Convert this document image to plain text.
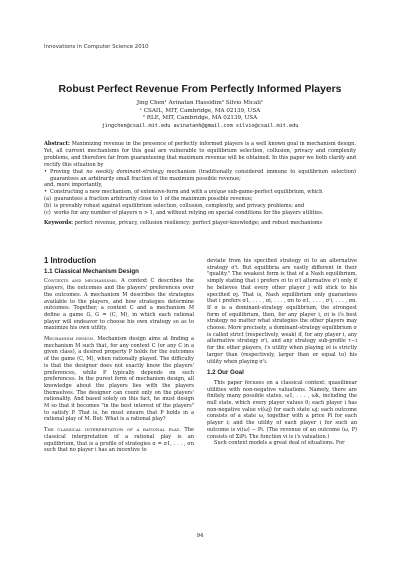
Innovations in Computer Science 2010
Robust Perfect Revenue From Perfectly Informed Players
Jing Chen¹ Avinatan Hassidim² Silvio Micali¹
¹ CSAIL, MIT, Cambridge, MA 02139, USA
² RLE, MIT, Cambridge, MA 02139, USA
jingchen@csail.mit.edu avinatanh@gmail.com silvio@csail.mit.edu

Abstract: Maximizing revenue in the presence of perfectly informed players is a well known goal in mechanism design. Yet, all current mechanisms for this goal are vulnerable to equilibrium selection, collusion, privacy and complexity problems, and therefore far from guaranteeing that maximum revenue will be obtained. In this paper we both clarify and rectify this situation by

• Proving that no weakly dominant-strategy mechanism (traditionally considered immune to equilibrium selection) guarantees an arbitrarily small fraction of the maximum possible revenue;

and, more importantly,

• Constructing a new mechanism, of extensive-form and with a unique sub-game-perfect equilibrium, which

(a) guarantees a fraction arbitrarily close to 1 of the maximum possible revenue;

(b) is provably robust against equilibrium selection, collusion, complexity, and privacy problems; and

(c) works for any number of players n > 1, and without relying on special conditions for the players utilities.

Keywords: perfect revenue, privacy, collusion resiliency; perfect player-knowledge; and robust mechanisms

1 Introduction
1.1 Classical Mechanism Design

Contexts and mechanisms. A context C describes the players, the outcomes and the players' preferences over the outcomes. A mechanism M describes the strategies available to the players, and how strategies determine outcomes. Together, a context C and a mechanism M define a game G, G = (C, M), in which each rational player will endeavor to choose his own strategy so as to maximize his own utility.

Mechanism design. Mechanism design aims at finding a mechanism M such that, for any context C (or any C in a given class), a desired property P holds for the outcomes of the game (C, M), when rationally played. The difficulty is that the designer does not exactly know the players' preferences, while P typically depends on such preferences. In the purest form of mechanism design, all knowledge about the players lies with the players themselves. The designer can count only on the players' rationality. And based solely on this fact, he must design M so that it becomes "in the best interest of the players" to satisfy P. That is, he must ensure that P holds in a rational play of M. But: What is a rational play?

The classical interpretation of a rational play. The classical interpretation of a rational play is an equilibrium, that is a profile of strategies σ = σ1, . . . , σn such that no player i has an incentive to

deviate from his specified strategy σi to an alternative strategy σ'i. But equilibria are vastly different in their "quality." The weakest form is that of a Nash equilibrium, simply stating that i prefers σi to σ'i alternative σ'i only if he believes that every other player j will stick to his specified σj. That is, Nash equilibrium only guarantees that i prefers σ1, . . . , σi, . . . , σn to σ1, . . . , σ'i, . . . , σn. If σ is a dominant-strategy equilibrium, the strongest form of equilibrium, then, for any player i, σi is i's best strategy no matter what strategies the other players may choose. More precisely, a dominant-strategy equilibrium σ is called strict (respectively, weak) if, for any player i, any alternative strategy σ'i, and any strategy sub-profile τ−i for the other players, i's utility when playing σi is strictly larger than (respectively, larger than or equal to) his utility when playing σ'i.

1.2 Our Goal

This paper focuses on a classical context: quasilinear utilities with non-negative valuations. Namely, there are finitely many possible states, ω1, . . . , ωk, including the null state, which every player values 0; each player i has non-negative value vi(ωj) for each state ωj; each outcome consists of a state ω, together with a price Pi for each player i; and the utility of each player i for such an outcome is vi(ω) − Pi. (The revenue of an outcome (ω, P) consists of ΣiPi. The function vi is i's valuation.)

Such context models a great deal of situations. For

94
